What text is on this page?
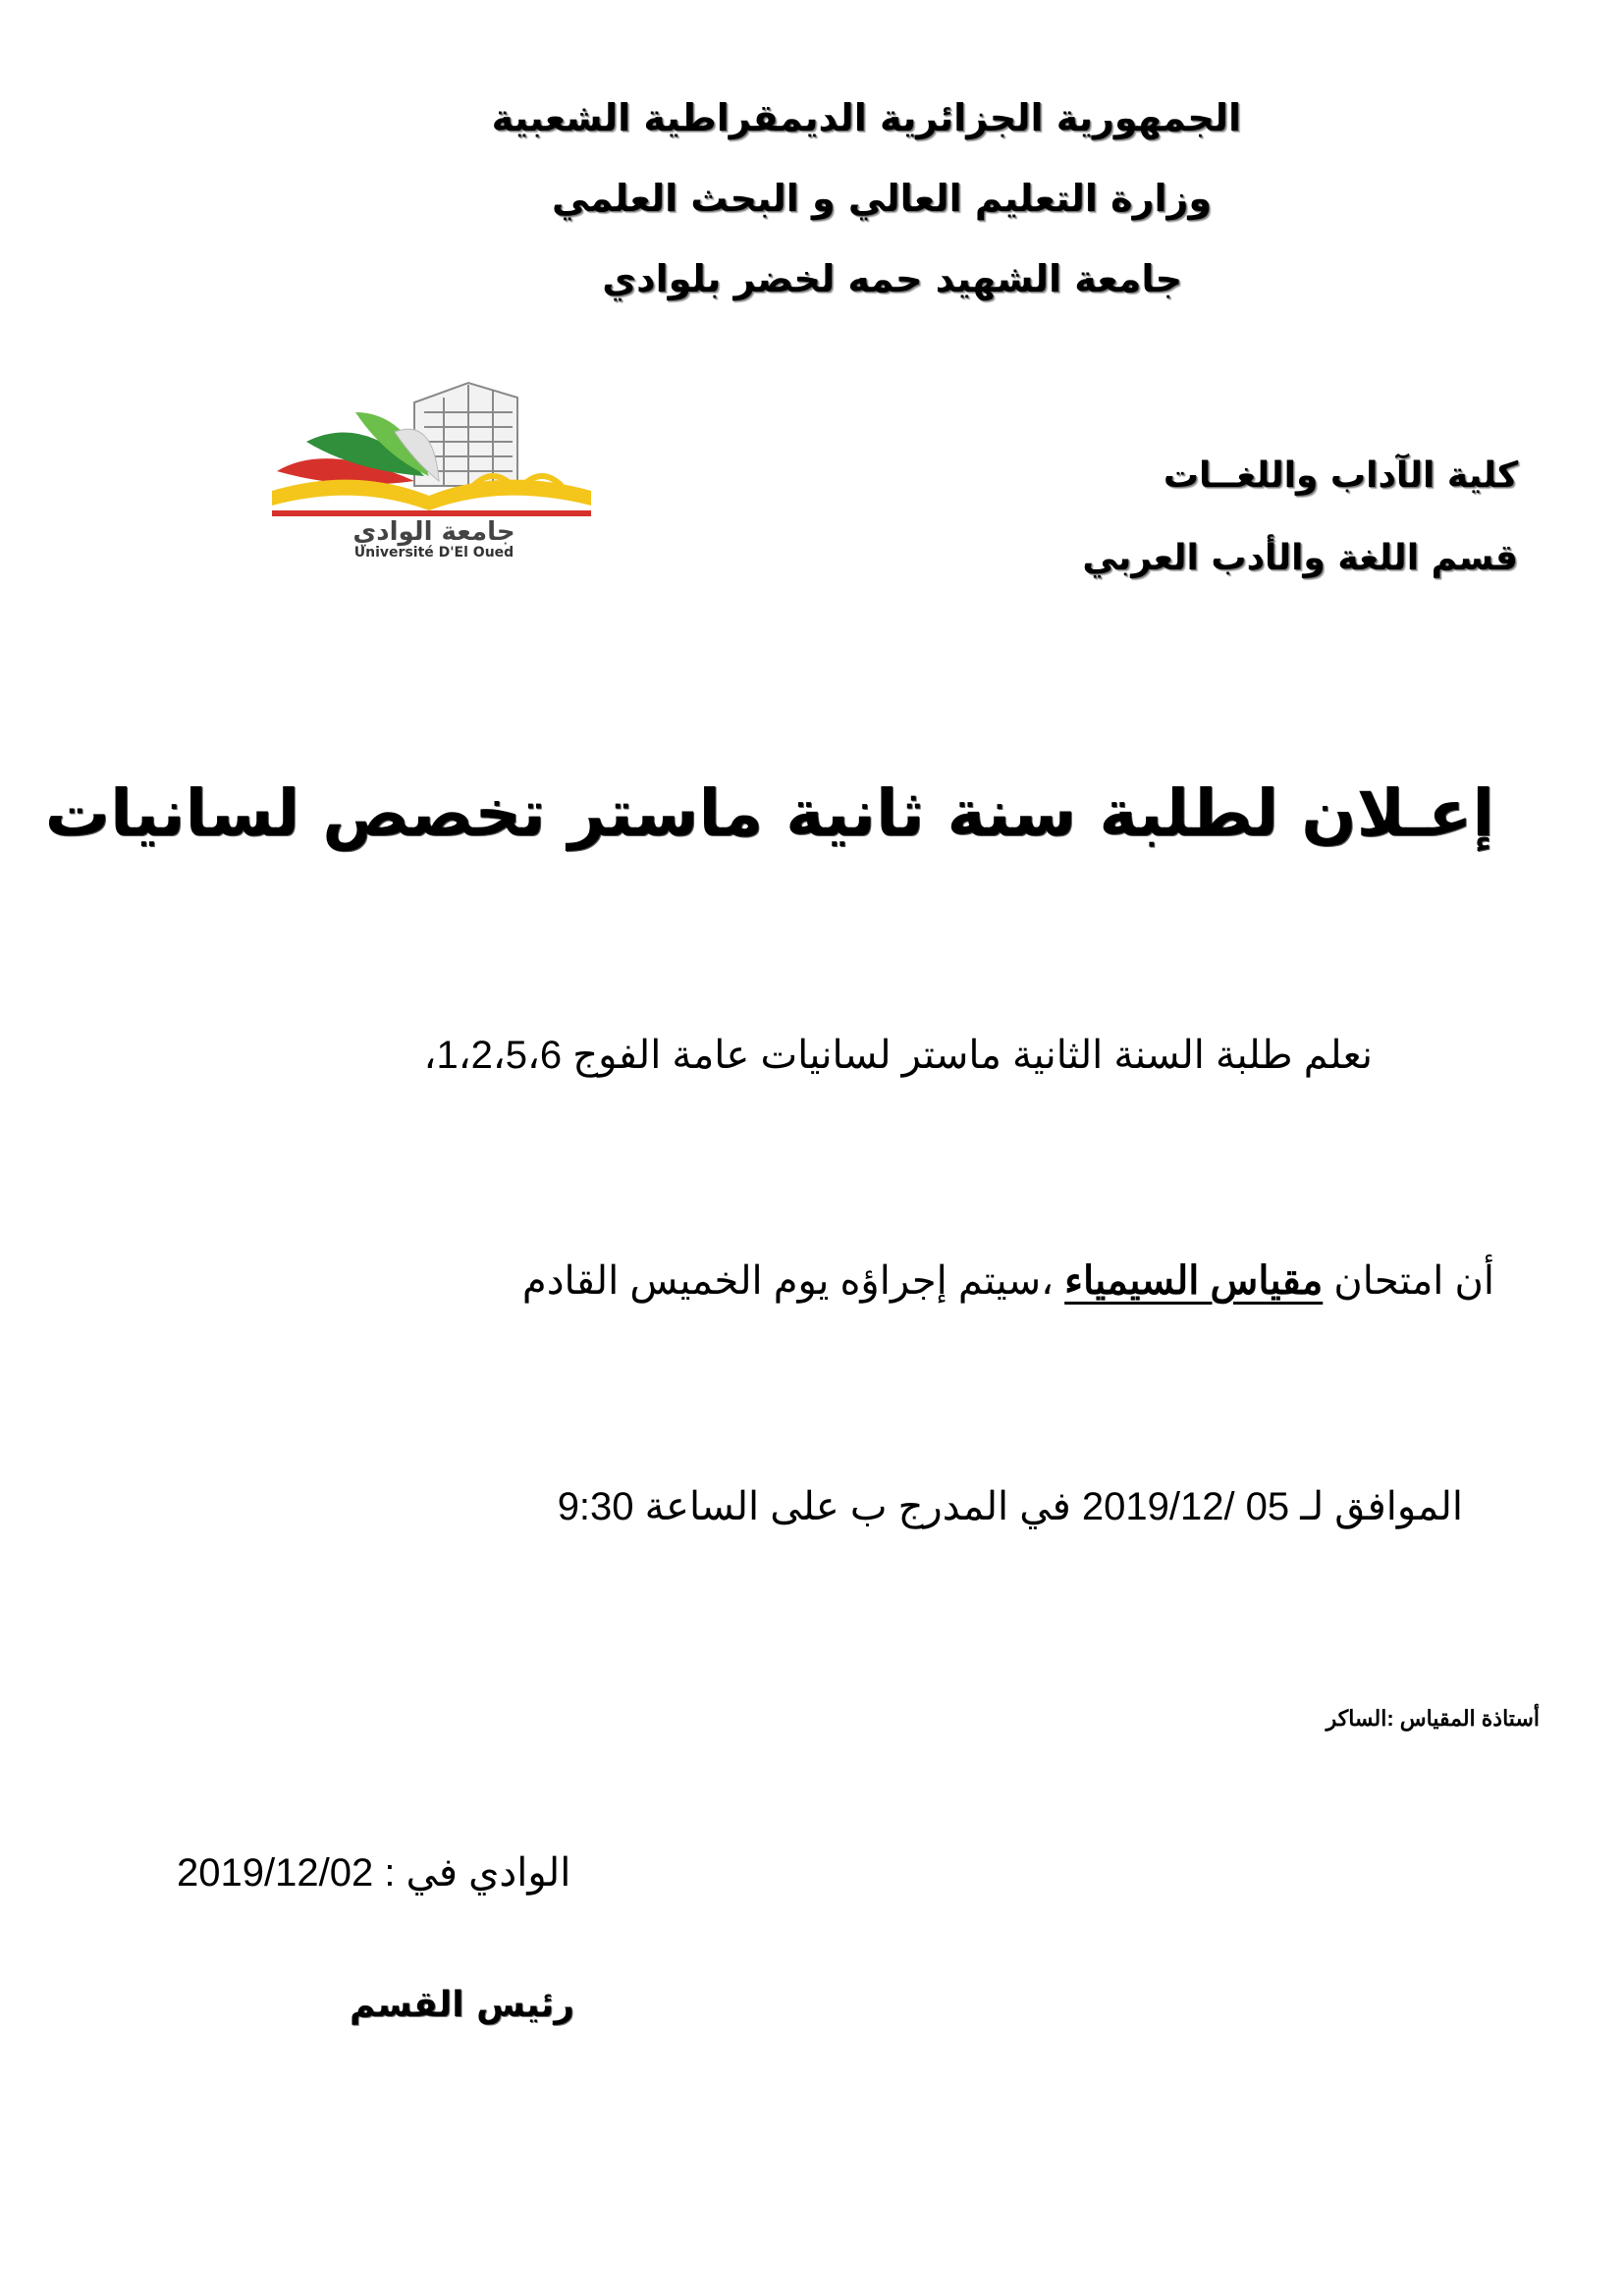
الجمهورية الجزائرية الديمقراطية الشعبية
وزارة التعليم العالي و البحث العلمي
جامعة الشهيد حمه لخضر بلوادي
جامعة الوادي
Université D'El Oued
كلية الآداب واللغــات
قسم اللغة والأدب العربي
إعـلان لطلبة سنة ثانية ماستر تخصص لسانيات
نعلم طلبة السنة الثانية ماستر لسانيات عامة الفوج 1،2،5،6،
أن امتحان مقياس السيمياء ،سيتم إجراؤه يوم الخميس القادم
الموافق لـ 05 /2019/12 في المدرج ب على الساعة 9:30
أستاذة المقياس :الساكر
الوادي في : 2019/12/02
رئيس القسم
